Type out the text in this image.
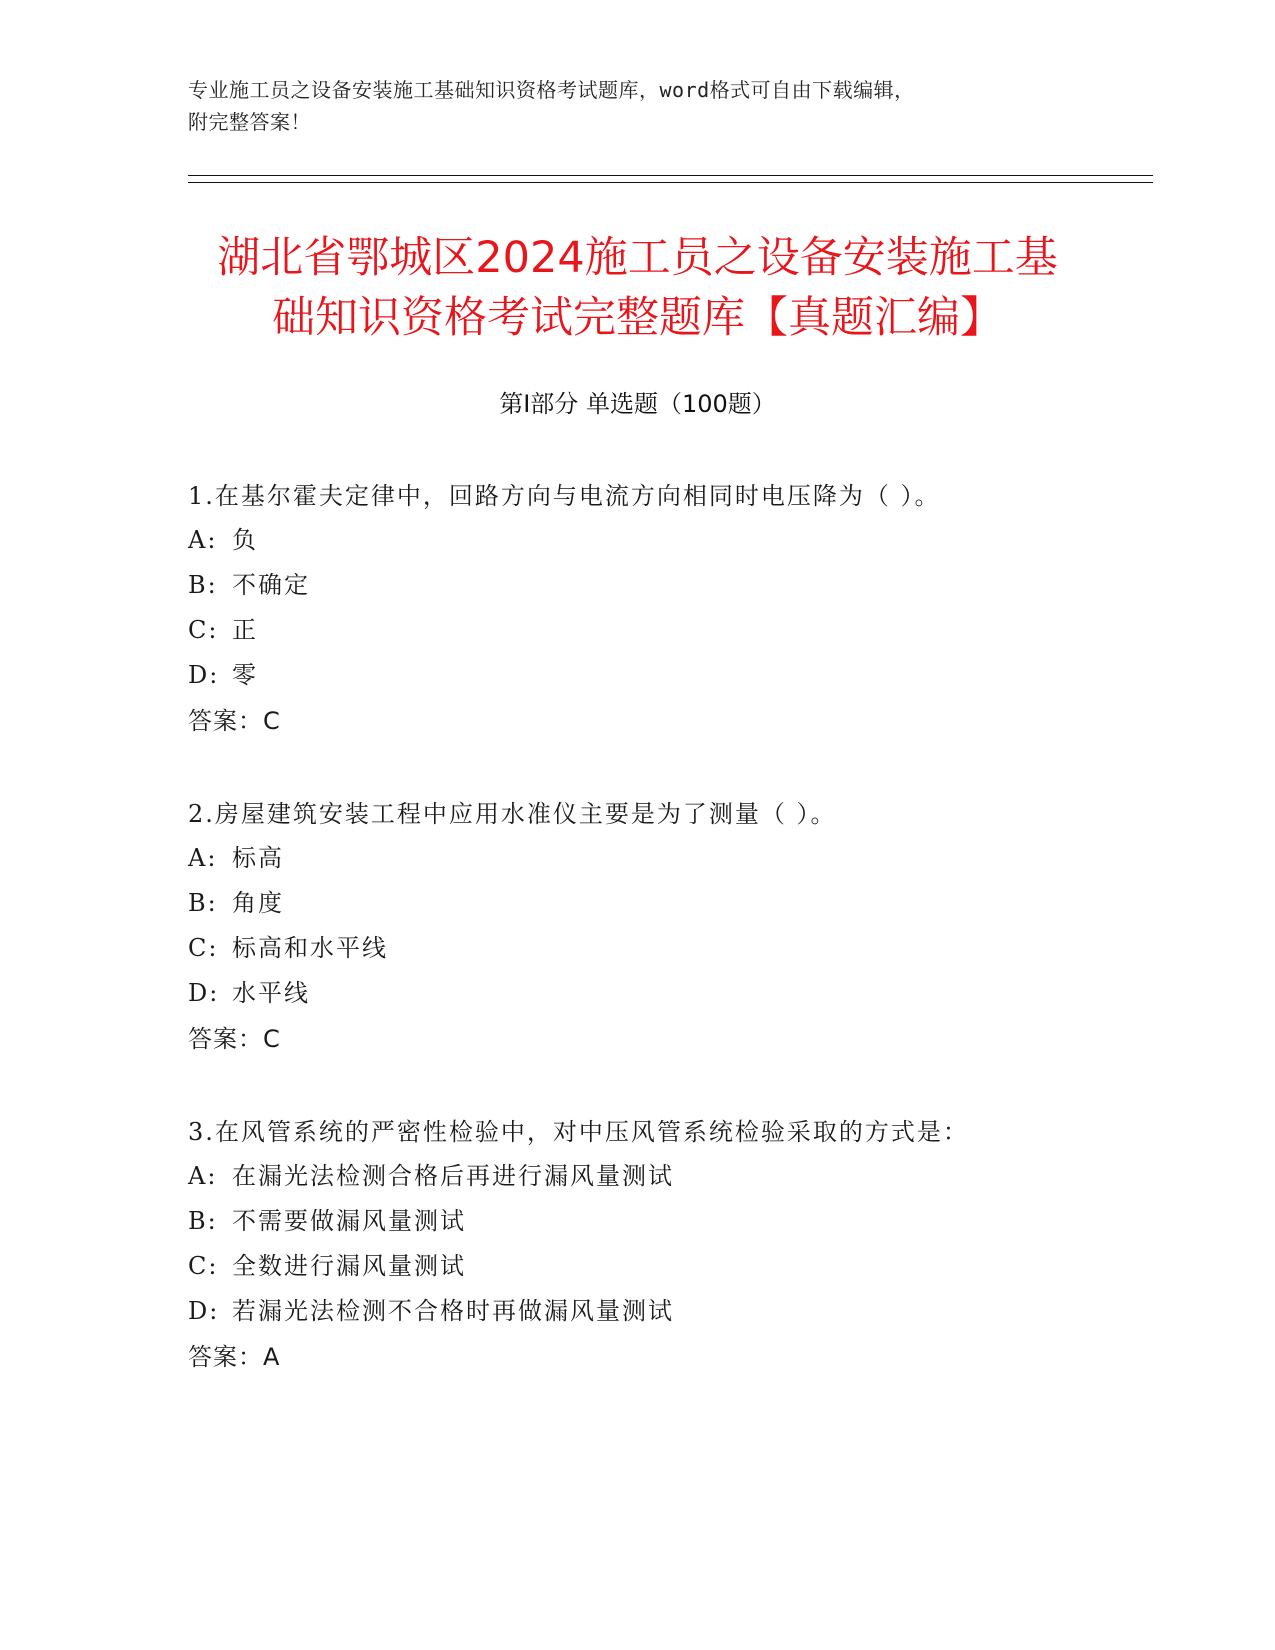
专业施工员之设备安装施工基础知识资格考试题库，word格式可自由下载编辑，
附完整答案！
湖北省鄂城区2024施工员之设备安装施工基
础知识资格考试完整题库【真题汇编】
第Ⅰ部分 单选题（100题）
1.在基尔霍夫定律中，回路方向与电流方向相同时电压降为（ ）。
A: 负
B: 不确定
C: 正
D: 零
答案：C
2.房屋建筑安装工程中应用水准仪主要是为了测量（ ）。
A: 标高
B: 角度
C: 标高和水平线
D: 水平线
答案：C
3.在风管系统的严密性检验中，对中压风管系统检验采取的方式是：
A: 在漏光法检测合格后再进行漏风量测试
B: 不需要做漏风量测试
C: 全数进行漏风量测试
D: 若漏光法检测不合格时再做漏风量测试
答案：A
